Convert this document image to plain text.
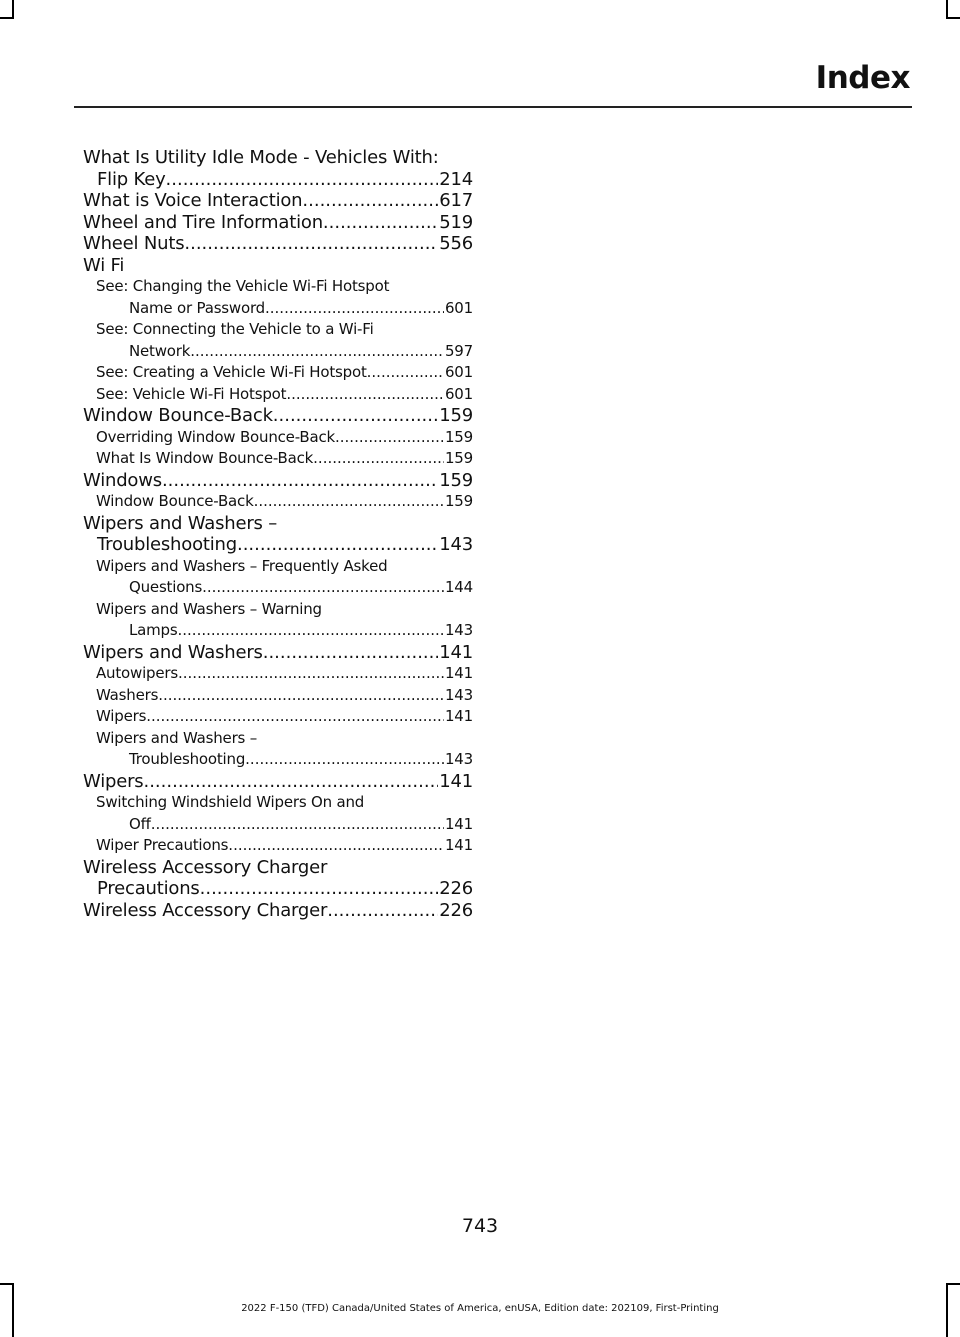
Index
What Is Utility Idle Mode - Vehicles With:
Flip Key .....	214
What is Voice Interaction .....	617
Wheel and Tire Information .....	519
Wheel Nuts .....	556
Wi Fi
See: Changing the Vehicle Wi-Fi Hotspot
Name or Password .....	601
See: Connecting the Vehicle to a Wi-Fi
Network .....	597
See: Creating a Vehicle Wi-Fi Hotspot .....	601
See: Vehicle Wi-Fi Hotspot .....	601
Window Bounce-Back .....	159
Overriding Window Bounce-Back .....	159
What Is Window Bounce-Back .....	159
Windows .....	159
Window Bounce-Back .....	159
Wipers and Washers –
Troubleshooting .....	143
Wipers and Washers – Frequently Asked
Questions .....	144
Wipers and Washers – Warning
Lamps .....	143
Wipers and Washers .....	141
Autowipers .....	141
Washers .....	143
Wipers .....	141
Wipers and Washers –
Troubleshooting .....	143
Wipers .....	141
Switching Windshield Wipers On and
Off .....	141
Wiper Precautions .....	141
Wireless Accessory Charger
Precautions .....	226
Wireless Accessory Charger .....	226
743
2022 F-150 (TFD) Canada/United States of America, enUSA, Edition date: 202109, First-Printing
